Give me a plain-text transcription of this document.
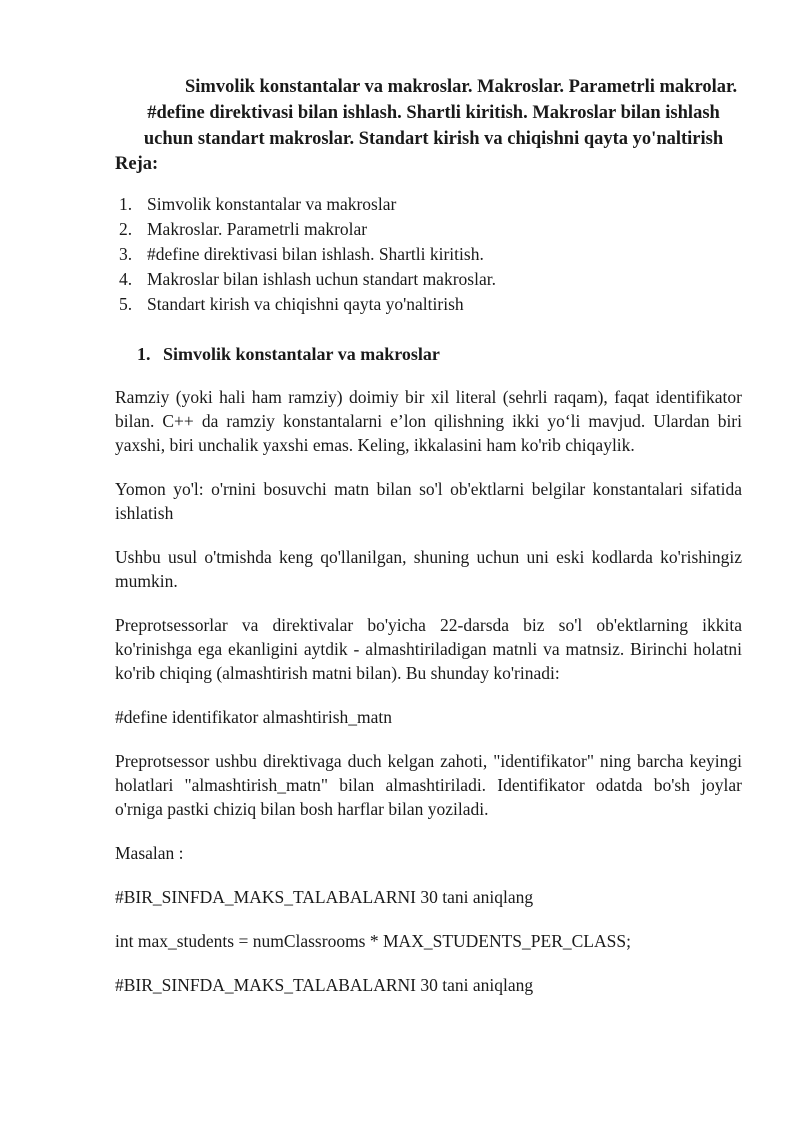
Simvolik konstantalar va makroslar. Makroslar. Parametrli makrolar.
#define direktivasi bilan ishlash. Shartli kiritish. Makroslar bilan ishlash
uchun standart makroslar. Standart kirish va chiqishni qayta yo'naltirish
Reja:
1. Simvolik konstantalar va makroslar
2. Makroslar. Parametrli makrolar
3. #define direktivasi bilan ishlash. Shartli kiritish.
4. Makroslar bilan ishlash uchun standart makroslar.
5. Standart kirish va chiqishni qayta yo'naltirish
1. Simvolik konstantalar va makroslar

Ramziy (yoki hali ham ramziy) doimiy bir xil literal (sehrli raqam), faqat identifikator bilan. C++ da ramziy konstantalarni e’lon qilishning ikki yo‘li mavjud. Ulardan biri yaxshi, biri unchalik yaxshi emas. Keling, ikkalasini ham ko'rib chiqaylik.

Yomon yo'l: o'rnini bosuvchi matn bilan so'l ob'ektlarni belgilar konstantalari sifatida ishlatish

Ushbu usul o'tmishda keng qo'llanilgan, shuning uchun uni eski kodlarda ko'rishingiz mumkin.

Preprotsessorlar va direktivalar bo'yicha 22-darsda biz so'l ob'ektlarning ikkita ko'rinishga ega ekanligini aytdik - almashtiriladigan matnli va matnsiz. Birinchi holatni ko'rib chiqing (almashtirish matni bilan). Bu shunday ko'rinadi:

#define identifikator almashtirish_matn

Preprotsessor ushbu direktivaga duch kelgan zahoti, "identifikator" ning barcha keyingi holatlari "almashtirish_matn" bilan almashtiriladi. Identifikator odatda bo'sh joylar o'rniga pastki chiziq bilan bosh harflar bilan yoziladi.

Masalan :

#BIR_SINFDA_MAKS_TALABALARNI 30 tani aniqlang

int max_students = numClassrooms * MAX_STUDENTS_PER_CLASS;

#BIR_SINFDA_MAKS_TALABALARNI 30 tani aniqlang
